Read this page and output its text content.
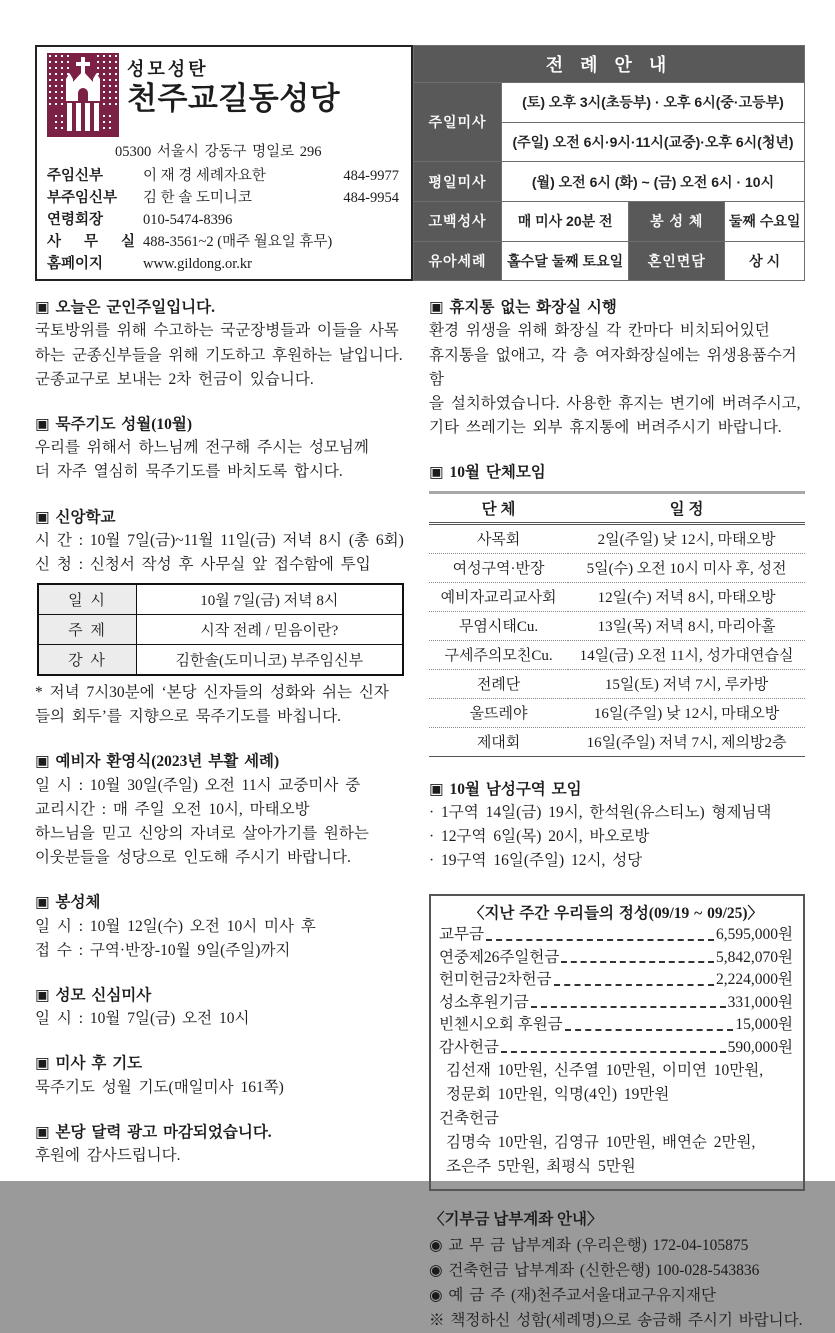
성모성탄
천주교길동성당
05300 서울시 강동구 명일로 296
주임신부	이 재 경 세례자요한	484-9977
부주임신부	김 한 솔 도미니코	484-9954
연령회장	010-5474-8396
사 무 실 488-3561~2 (매주 월요일 휴무)
홈페이지	www.gildong.or.kr
전 례 안 내			
주일미사	(토) 오후 3시(초등부) · 오후 6시(중·고등부)		
	(주일) 오전 6시·9시·11시(교중)·오후 6시(청년)		
평일미사	(월) 오전 6시 (화) ~ (금) 오전 6시 · 10시		
고백성사	매 미사 20분 전	봉 성 체	둘째 수요일
유아세례	홀수달 둘째 토요일	혼인면담	상 시
▣ 오늘은 군인주일입니다.
국토방위를 위해 수고하는 국군장병들과 이들을 사목
하는 군종신부들을 위해 기도하고 후원하는 날입니다.
군종교구로 보내는 2차 헌금이 있습니다.
▣ 묵주기도 성월(10월)
우리를 위해서 하느님께 전구해 주시는 성모님께
더 자주 열심히 묵주기도를 바치도록 합시다.
▣ 신앙학교
시 간 : 10월 7일(금)~11월 11일(금) 저녁 8시 (총 6회)
신 청 : 신청서 작성 후 사무실 앞 접수함에 투입
일 시	10월 7일(금) 저녁 8시
주 제	시작 전례 / 믿음이란?
강 사	김한솔(도미니코) 부주임신부
* 저녁 7시30분에 ‘본당 신자들의 성화와 쉬는 신자
들의 회두’를 지향으로 묵주기도를 바칩니다.
▣ 예비자 환영식(2023년 부활 세례)
일 시 : 10월 30일(주일) 오전 11시 교중미사 중
교리시간 : 매 주일 오전 10시, 마태오방
하느님을 믿고 신앙의 자녀로 살아가기를 원하는
이웃분들을 성당으로 인도해 주시기 바랍니다.
▣ 봉성체
일 시 : 10월 12일(수) 오전 10시 미사 후
접 수 : 구역·반장-10월 9일(주일)까지
▣ 성모 신심미사
일 시 : 10월 7일(금) 오전 10시
▣ 미사 후 기도
묵주기도 성월 기도(매일미사 161쪽)
▣ 본당 달력 광고 마감되었습니다.
후원에 감사드립니다.
▣ 휴지통 없는 화장실 시행
환경 위생을 위해 화장실 각 칸마다 비치되어있던
휴지통을 없애고, 각 층 여자화장실에는 위생용품수거함
을 설치하였습니다. 사용한 휴지는 변기에 버려주시고,
기타 쓰레기는 외부 휴지통에 버려주시기 바랍니다.
▣ 10월 단체모임
단 체	일 정
사목회	2일(주일) 낮 12시, 마태오방
여성구역·반장	5일(수) 오전 10시 미사 후, 성전
예비자교리교사회	12일(수) 저녁 8시, 마태오방
무염시태Cu.	13일(목) 저녁 8시, 마리아홀
구세주의모친Cu.	14일(금) 오전 11시, 성가대연습실
전례단	15일(토) 저녁 7시, 루카방
울뜨레야	16일(주일) 낮 12시, 마태오방
제대회	16일(주일) 저녁 7시, 제의방2층
▣ 10월 남성구역 모임
· 1구역 14일(금) 19시, 한석원(유스티노) 형제님댁
· 12구역 6일(목) 20시, 바오로방
· 19구역 16일(주일) 12시, 성당
〈지난 주간 우리들의 정성(09/19 ~ 09/25)〉
교무금	6,595,000원
연중제26주일헌금	5,842,070원
헌미헌금2차헌금	2,224,000원
성소후원기금	331,000원
빈첸시오회 후원금	15,000원
감사헌금	590,000원
김선재 10만원, 신주열 10만원, 이미연 10만원,
정문회 10만원, 익명(4인) 19만원
건축헌금
김명숙 10만원, 김영규 10만원, 배연순 2만원,
조은주 5만원, 최평식 5만원
〈기부금 납부계좌 안내〉
◉ 교 무 금 납부계좌 (우리은행) 172-04-105875
◉ 건축헌금 납부계좌 (신한은행) 100-028-543836
◉ 예 금 주 (재)천주교서울대교구유지재단
※ 책정하신 성함(세례명)으로 송금해 주시기 바랍니다.
